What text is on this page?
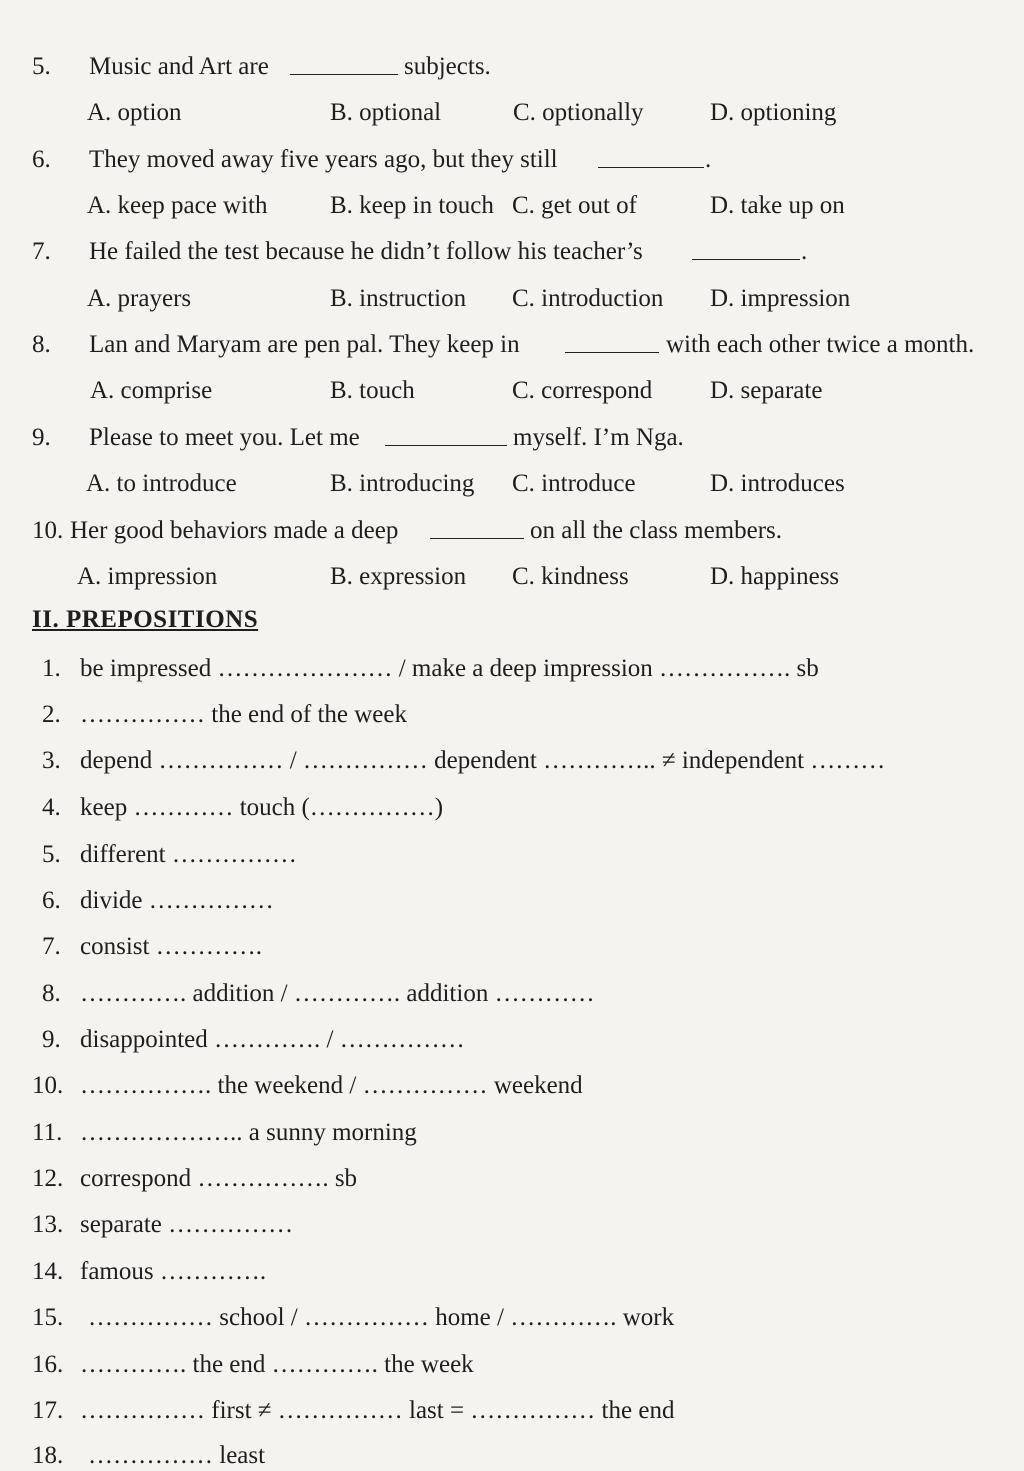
5. Music and Art are	subjects.
A. option	B. optional	C. optionally	D. optioning
6. They moved away five years ago, but they still	.
A. keep pace with	B. keep in touch C. get out of	D. take up on
7. He failed the test because he didn’t follow his teacher’s	.
A. prayers	B. instruction C. introduction D. impression
8. Lan and Maryam are pen pal. They keep in	with each other twice a month.
A. comprise	B. touch	C. correspond D. separate
9. Please to meet you. Let me	myself. I’m Nga.
A. to introduce	B. introducing C. introduce	D. introduces
10. Her good behaviors made a deep	on all the class members.
A. impression	B. expression C. kindness	D. happiness
II. PREPOSITIONS
1. be impressed ………………… / make a deep impression ……………. sb
2. …………… the end of the week
3. depend …………… / …………… dependent ………….. ≠ independent ………
4. keep ………… touch (……………)
5. different ……………
6. divide ……………
7. consist ………….
8. …………. addition / …………. addition …………
9. disappointed …………. / ……………
10. ……………. the weekend / …………… weekend
11. ……………….. a sunny morning
12. correspond ……………. sb
13. separate ……………
14. famous ………….
15. …………… school / …………… home / …………. work
16. …………. the end …………. the week
17. …………… first ≠ …………… last = …………… the end
18. …………… least
